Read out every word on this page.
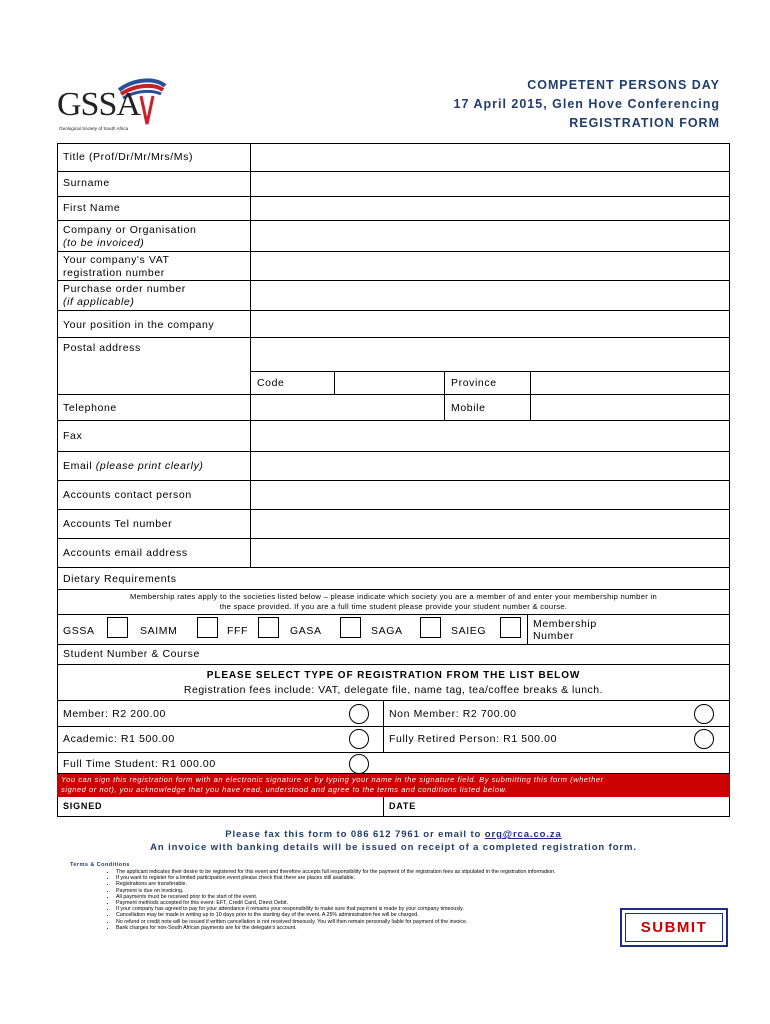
GSSA
Geological Society of South Africa
COMPETENT PERSONS DAY
17 April 2015, Glen Hove Conferencing
REGISTRATION FORM
Title (Prof/Dr/Mr/Mrs/Ms)
Surname
First Name
Company or Organisation
(to be invoiced)
Your company's VAT
registration number
Purchase order number
(if applicable)
Your position in the company
Postal address
Code	Province
Telephone	Mobile
Fax
Email (please print clearly)
Accounts contact person
Accounts Tel number
Accounts email address
Dietary Requirements
Membership rates apply to the societies listed below – please indicate which society you are a member of and enter your membership number in
the space provided. If you are a full time student please provide your student number & course.
GSSA	SAIMM	FFF	GASA	SAGA	SAIEG
Membership
Number
Student Number & Course
PLEASE SELECT TYPE OF REGISTRATION FROM THE LIST BELOW
Registration fees include: VAT, delegate file, name tag, tea/coffee breaks & lunch.
Member: R2 200.00	Non Member: R2 700.00
Academic: R1 500.00	Fully Retired Person: R1 500.00
Full Time Student: R1 000.00
You can sign this registration form with an electronic signature or by typing your name in the signature field. By submitting this form (whether
signed or not), you acknowledge that you have read, understood and agree to the terms and conditions listed below.
SIGNED	DATE
Please fax this form to 086 612 7961 or email to org@rca.co.za
An invoice with banking details will be issued on receipt of a completed registration form.
Terms & Conditions
• The applicant indicates their desire to be registered for this event and therefore accepts full responsibility for the payment of the registration fees as stipulated in the registration information.
• If you want to register for a limited participation event please check that there are places still available.
• Registrations are transferable.
• Payment is due on invoicing.
• All payments must be received prior to the start of the event.
• Payment methods accepted for this event: EFT, Credit Card, Direct Debit.
• If your company has agreed to pay for your attendance it remains your responsibility to make sure that payment is made by your company timeously.
• Cancellation may be made in writing up to 10 days prior to the starting day of the event. A 25% administration fee will be charged.
• No refund or credit note will be issued if written cancellation is not received timeously. You will then remain personally liable for payment of the invoice.
• Bank charges for non-South African payments are for the delegate's account.	SUBMIT
